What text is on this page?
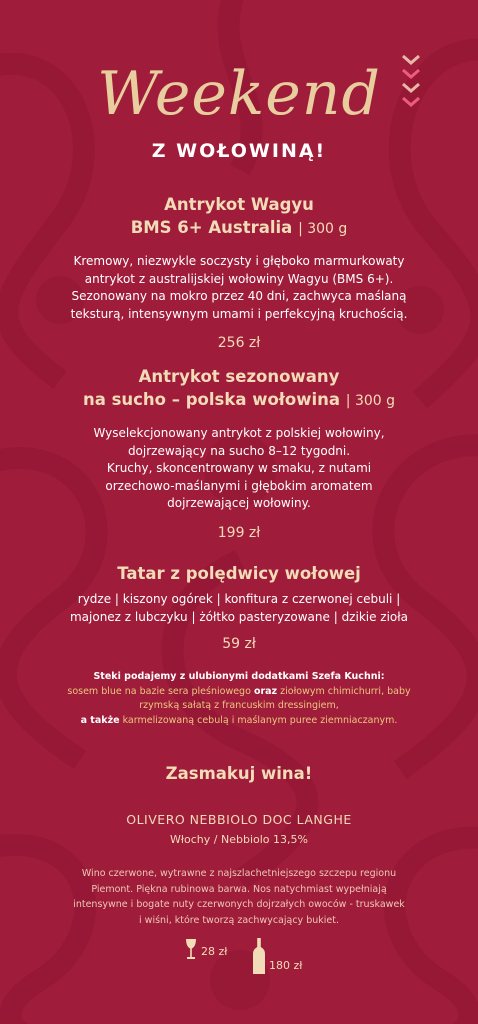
Weekend
Z WOŁOWINĄ!
Antrykot Wagyu
BMS 6+ Australia | 300 g

Kremowy, niezwykle soczysty i głęboko marmurkowaty

antrykot z australijskiej wołowiny Wagyu (BMS 6+).

Sezonowany na mokro przez 40 dni, zachwyca maślaną

teksturą, intensywnym umami i perfekcyjną kruchością.

256 zł
Antrykot sezonowany
na sucho – polska wołowina | 300 g

Wyselekcjonowany antrykot z polskiej wołowiny,

dojrzewający na sucho 8–12 tygodni.

Kruchy, skoncentrowany w smaku, z nutami

orzechowo-maślanymi i głębokim aromatem

dojrzewającej wołowiny.

199 zł
Tatar z polędwicy wołowej

rydze | kiszony ogórek | konfitura z czerwonej cebuli |

majonez z lubczyku | żółtko pasteryzowane | dzikie zioła

59 zł

Steki podajemy z ulubionymi dodatkami Szefa Kuchni:

sosem blue na bazie sera pleśniowego oraz ziołowym chimichurri, baby

rzymską sałatą z francuskim dressingiem,

a także karmelizowaną cebulą i maślanym puree ziemniaczanym.

Zasmakuj wina!
OLIVERO NEBBIOLO DOC LANGHE
Włochy / Nebbiolo 13,5%

Wino czerwone, wytrawne z najszlachetniejszego szczepu regionu

Piemont. Piękna rubinowa barwa. Nos natychmiast wypełniają

intensywne i bogate nuty czerwonych dojrzałych owoców - truskawek

i wiśni, które tworzą zachwycający bukiet.

28 zł
180 zł
